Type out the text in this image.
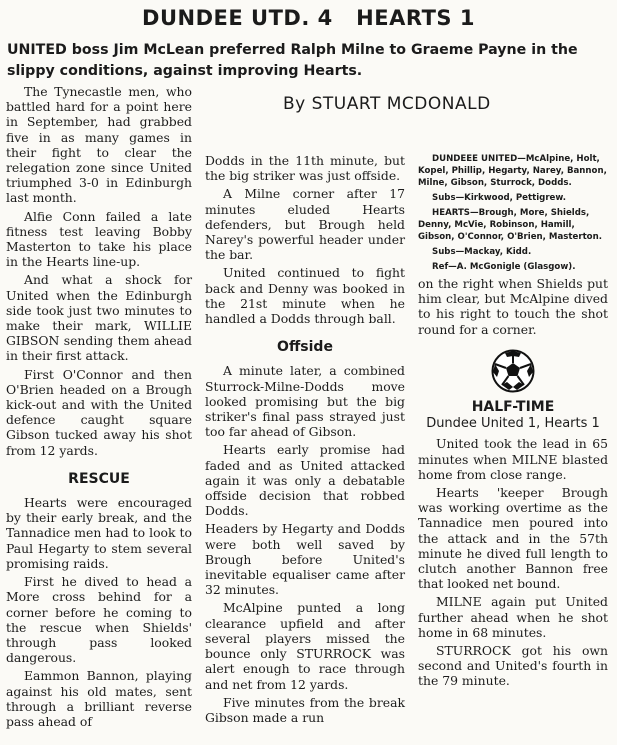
DUNDEE UTD. 4   HEARTS 1
UNITED boss Jim McLean preferred Ralph Milne to Graeme Payne in the slippy conditions, against improving Hearts.
By STUART MCDONALD

The Tynecastle men, who battled hard for a point here in September, had grabbed five in as many games in their fight to clear the relegation zone since United triumphed 3-0 in Edinburgh last month.

Alfie Conn failed a late fitness test leaving Bobby Masterton to take his place in the Hearts line-up.

And what a shock for United when the Edinburgh side took just two minutes to make their mark, WILLIE GIBSON sending them ahead in their first attack.

First O'Connor and then O'Brien headed on a Brough kick-out and with the United defence caught square Gibson tucked away his shot from 12 yards.

RESCUE

Hearts were encouraged by their early break, and the Tannadice men had to look to Paul Hegarty to stem several promising raids.

First he dived to head a More cross behind for a corner before he coming to the rescue when Shields' through pass looked dangerous.

Eammon Bannon, playing against his old mates, sent through a brilliant reverse pass ahead of

Dodds in the 11th minute, but the big striker was just offside.

A Milne corner after 17 minutes eluded Hearts defenders, but Brough held Narey's powerful header under the bar.

United continued to fight back and Denny was booked in the 21st minute when he handled a Dodds through ball.

Offside

A minute later, a combined Sturrock-Milne-Dodds move looked promising but the big striker's final pass strayed just too far ahead of Gibson.

Hearts early promise had faded and as United attacked again it was only a debatable offside decision that robbed Dodds.

Headers by Hegarty and Dodds were both well saved by Brough before United's inevitable equaliser came after 32 minutes.

McAlpine punted a long clearance upfield and after several players missed the bounce only STURROCK was alert enough to race through and net from 12 yards.

Five minutes from the break Gibson made a run

DUNDEEE UNITED—McAlpine, Holt, Kopel, Phillip, Hegarty, Narey, Bannon, Milne, Gibson, Sturrock, Dodds.

Subs—Kirkwood, Pettigrew.

HEARTS—Brough, More, Shields, Denny, McVie, Robinson, Hamill, Gibson, O'Connor, O'Brien, Masterton.

Subs—Mackay, Kidd.

Ref—A. McGonigle (Glasgow).

on the right when Shields put him clear, but McAlpine dived to his right to touch the shot round for a corner.

HALF-TIME
Dundee United 1, Hearts 1

United took the lead in 65 minutes when MILNE blasted home from close range.

Hearts 'keeper Brough was working overtime as the Tannadice men poured into the attack and in the 57th minute he dived full length to clutch another Bannon free that looked net bound.

MILNE again put United further ahead when he shot home in 68 minutes.

STURROCK got his own second and United's fourth in the 79 minute.
